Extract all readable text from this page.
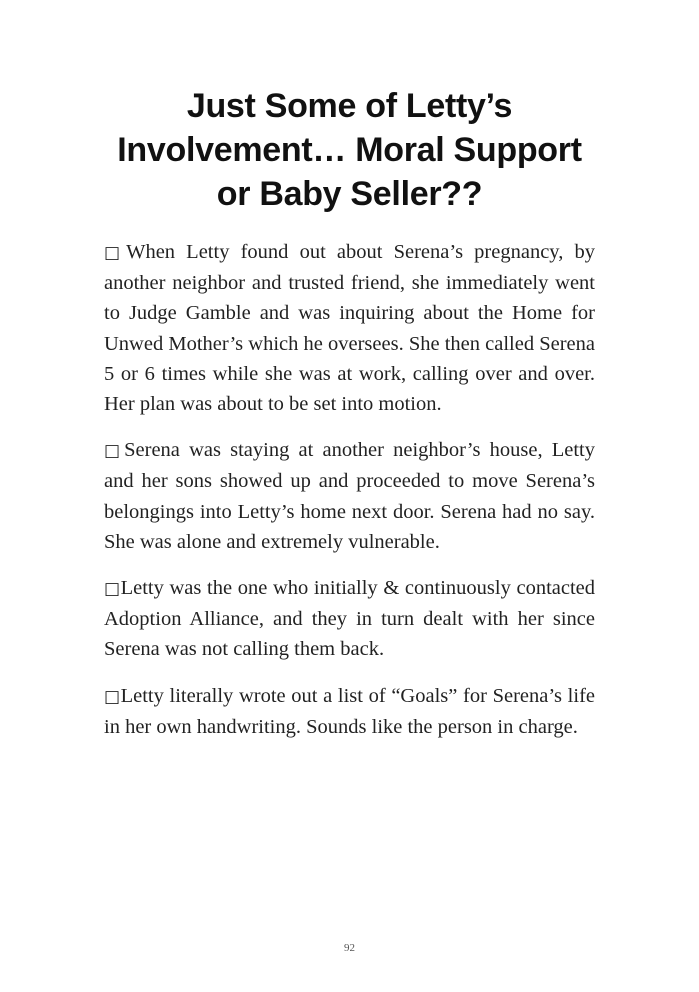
Just Some of Letty’s
Involvement… Moral Support
or Baby Seller??

□When Letty found out about Serena’s pregnancy, by another neighbor and trusted friend, she immediately went to Judge Gamble and was inquiring about the Home for Unwed Mother’s which he oversees. She then called Serena 5 or 6 times while she was at work, calling over and over. Her plan was about to be set into motion.

□Serena was staying at another neighbor’s house, Letty and her sons showed up and proceeded to move Serena’s belongings into Letty’s home next door. Serena had no say. She was alone and extremely vulnerable.

□Letty was the one who initially & continuously contacted Adoption Alliance, and they in turn dealt with her since Serena was not calling them back.

□Letty literally wrote out a list of “Goals” for Serena’s life in her own handwriting. Sounds like the person in charge.

92
